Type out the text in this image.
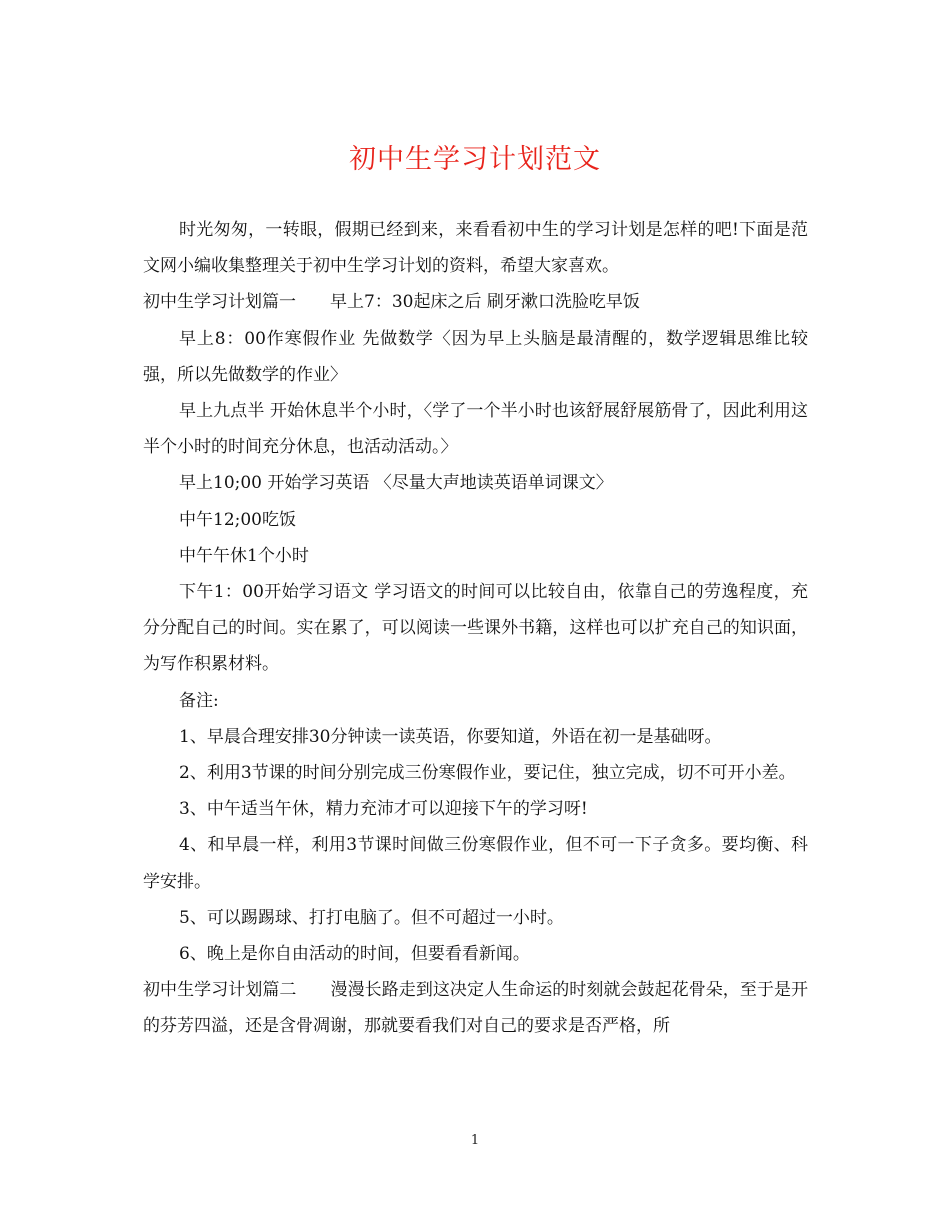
初中生学习计划范文

时光匆匆，一转眼，假期已经到来，来看看初中生的学习计划是怎样的吧!下面是范文网小编收集整理关于初中生学习计划的资料，希望大家喜欢。

初中生学习计划篇一 早上7：30起床之后 刷牙漱口洗脸吃早饭

早上8：00作寒假作业 先做数学〈因为早上头脑是最清醒的，数学逻辑思维比较强，所以先做数学的作业〉

早上九点半 开始休息半个小时，〈学了一个半小时也该舒展舒展筋骨了，因此利用这半个小时的时间充分休息，也活动活动。〉

早上10;00 开始学习英语 〈尽量大声地读英语单词课文〉

中午12;00吃饭

中午午休1个小时

下午1：00开始学习语文 学习语文的时间可以比较自由，依靠自己的劳逸程度，充分分配自己的时间。实在累了，可以阅读一些课外书籍，这样也可以扩充自己的知识面，为写作积累材料。

备注:

1、早晨合理安排30分钟读一读英语，你要知道，外语在初一是基础呀。

2、利用3节课的时间分别完成三份寒假作业，要记住，独立完成，切不可开小差。

3、中午适当午休，精力充沛才可以迎接下午的学习呀!

4、和早晨一样，利用3节课时间做三份寒假作业，但不可一下子贪多。要均衡、科学安排。

5、可以踢踢球、打打电脑了。但不可超过一小时。

6、晚上是你自由活动的时间，但要看看新闻。

初中生学习计划篇二 漫漫长路走到这决定人生命运的时刻就会鼓起花骨朵，至于是开的芬芳四溢，还是含骨凋谢，那就要看我们对自己的要求是否严格，所

1
